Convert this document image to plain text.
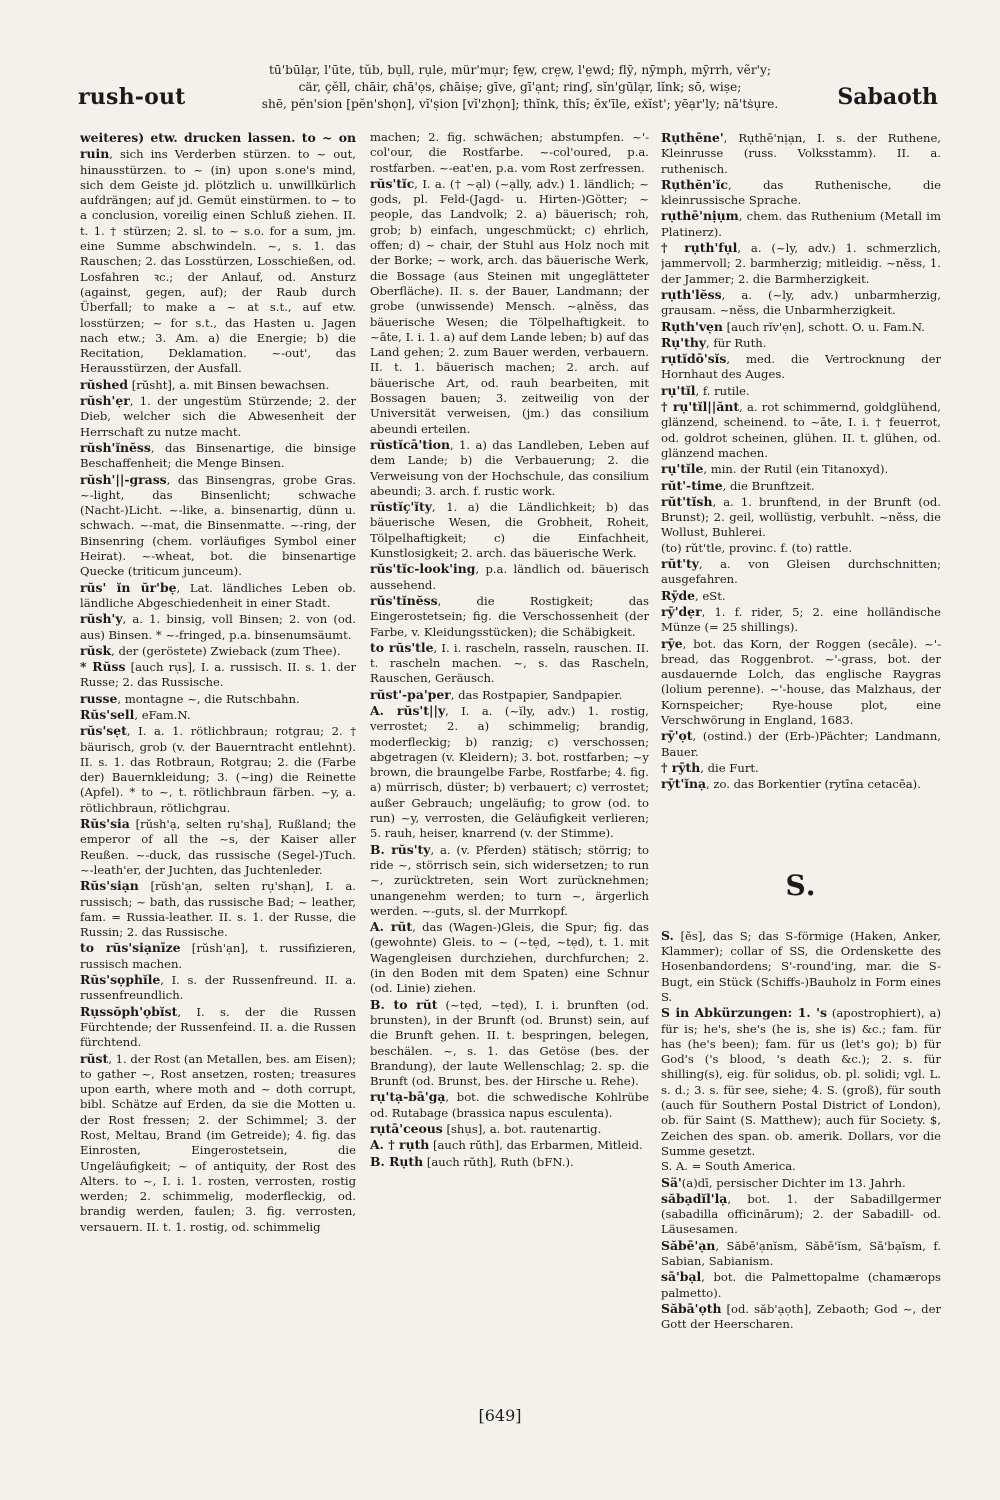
rush-out
tū'būlạr, l'ūte, tŭb, bụll, rụle, mür'mụr; fe̤w, cre̤w, l'e̤wd; flȳ, nȳmph, mȳrrh, vẽr'y;
cär, çĕll, chāir, ɕhā'ọs, ɕhāiṣe; gīve, gī'ạnt; rinɠ, sĭn'gūlạr, lĭnk; sō, wiṣe;
shē, pĕn'sion [pĕn'shọn], vĭ'ṣion [vĭ'zhọn]; thĭnk, thĭs; ĕx'īle, eẋĭst'; yēạr'ly; nā'tṡụre.	Sabaoth

weiteres) etw. drucken lassen. to ~ on ruin, sich ins Verderben stürzen. to ~ out, hinausstürzen. to ~ (in) upon s.one's mind, sich dem Geiste jd. plötzlich u. unwillkürlich aufdrängen; auf jd. Gemüt einstürmen. to ~ to a conclusion, voreilig einen Schluß ziehen. II. t. 1. † stürzen; 2. sl. to ~ s.o. for a sum, jm. eine Summe abschwindeln. ~, s. 1. das Rauschen; 2. das Losstürzen, Losschießen, od. Losfahren ꝛc.; der Anlauf, od. Ansturz (against, gegen, auf); der Raub durch Überfall; to make a ~ at s.t., auf etw. losstürzen; ~ for s.t., das Hasten u. Jagen nach etw.; 3. Am. a) die Energie; b) die Recitation, Deklamation. ~-out', das Herausstürzen, der Ausfall.

rŭshed [rŭsht], a. mit Binsen bewachsen.

rŭsh'ẹr, 1. der ungestüm Stürzende; 2. der Dieb, welcher sich die Abwesenheit der Herrschaft zu nutze macht.

rŭsh'ĭnĕss, das Binsenartige, die binsige Beschaffenheit; die Menge Binsen.

rŭsh'||-grass, das Binsengras, grobe Gras. ~-light, das Binsenlicht; schwache (Nacht-)Licht. ~-like, a. binsenartig, dünn u. schwach. ~-mat, die Binsenmatte. ~-ring, der Binsenring (chem. vorläufiges Symbol einer Heirat). ~-wheat, bot. die binsenartige Quecke (triticum junceum).

rŭs' ĭn ŭr'bẹ, Lat. ländliches Leben ob. ländliche Abgeschiedenheit in einer Stadt.

rŭsh'y, a. 1. binsig, voll Binsen; 2. von (od. aus) Binsen. * ~-fringed, p.a. binsenumsäumt.

rŭsk, der (geröstete) Zwieback (zum Thee).

* Rŭss [auch rụs], I. a. russisch. II. s. 1. der Russe; 2. das Russische.

russe, montagne ~, die Rutschbahn.

Rŭs'sell, eFam.N.

rŭs'sẹt, I. a. 1. rötlichbraun; rotgrau; 2. † bäurisch, grob (v. der Bauerntracht entlehnt). II. s. 1. das Rotbraun, Rotgrau; 2. die (Farbe der) Bauernkleidung; 3. (~ing) die Reinette (Apfel). * to ~, t. rötlichbraun färben. ~y, a. rötlichbraun, rötlichgrau.

Rŭs'sia [rŭsh'ạ, selten rụ'shạ], Rußland; the emperor of all the ~s, der Kaiser aller Reußen. ~-duck, das russische (Segel-)Tuch. ~-leath'er, der Juchten, das Juchtenleder.

Rŭs'siạn [rŭsh'ạn, selten rụ'shạn], I. a. russisch; ~ bath, das russische Bad; ~ leather, fam. = Russia-leather. II. s. 1. der Russe, die Russin; 2. das Russische.

to rŭs'siạnīze [rŭsh'ạn], t. russifizieren, russisch machen.

Rŭs'sọphĭle, I. s. der Russenfreund. II. a. russenfreundlich.

Rụssŏph'ọbĭst, I. s. der die Russen Fürchtende; der Russenfeind. II. a. die Russen fürchtend.

rŭst, 1. der Rost (an Metallen, bes. am Eisen); to gather ~, Rost ansetzen, rosten; treasures upon earth, where moth and ~ doth corrupt, bibl. Schätze auf Erden, da sie die Motten u. der Rost fressen; 2. der Schimmel; 3. der Rost, Meltau, Brand (im Getreide); 4. fig. das Einrosten, Eingerostetsein, die Ungeläufigkeit; ~ of antiquity, der Rost des Alters. to ~, I. i. 1. rosten, verrosten, rostig werden; 2. schimmelig, moderfleckig, od. brandig werden, faulen; 3. fig. verrosten, versauern. II. t. 1. rostig, od. schimmelig

machen; 2. fig. schwächen; abstumpfen. ~'-col'our, die Rostfarbe. ~-col'oured, p.a. rostfarben. ~-eat'en, p.a. vom Rost zerfressen.

rŭs'tĭc, I. a. († ~ạl) (~ạlly, adv.) 1. ländlich; ~ gods, pl. Feld-(Jagd- u. Hirten-)Götter; ~ people, das Landvolk; 2. a) bäuerisch; roh, grob; b) einfach, ungeschmückt; c) ehrlich, offen; d) ~ chair, der Stuhl aus Holz noch mit der Borke; ~ work, arch. das bäuerische Werk, die Bossage (aus Steinen mit ungeglätteter Oberfläche). II. s. der Bauer, Landmann; der grobe (unwissende) Mensch. ~ạlnĕss, das bäuerische Wesen; die Tölpelhaftigkeit. to ~āte, I. i. 1. a) auf dem Lande leben; b) auf das Land gehen; 2. zum Bauer werden, verbauern. II. t. 1. bäuerisch machen; 2. arch. auf bäuerische Art, od. rauh bearbeiten, mit Bossagen bauen; 3. zeitweilig von der Universität verweisen, (jm.) das consilium abeundi erteilen.

rŭstĭcā'tion, 1. a) das Landleben, Leben auf dem Lande; b) die Verbauerung; 2. die Verweisung von der Hochschule, das consilium abeundi; 3. arch. f. rustic work.

rŭstĭç'ĭty, 1. a) die Ländlichkeit; b) das bäuerische Wesen, die Grobheit, Roheit, Tölpelhaftigkeit; c) die Einfachheit, Kunstlosigkeit; 2. arch. das bäuerische Werk.

rŭs'tĭc-look'ing, p.a. ländlich od. bäuerisch aussehend.

rŭs'tĭnĕss, die Rostigkeit; das Eingerostetsein; fig. die Verschossenheit (der Farbe, v. Kleidungsstücken); die Schäbigkeit.

to rŭs'tle, I. i. rascheln, rasseln, rauschen. II. t. rascheln machen. ~, s. das Rascheln, Rauschen, Geräusch.

rŭst'-pa'per, das Rostpapier, Sandpapier.

A. rŭs't||y, I. a. (~ĭly, adv.) 1. rostig, verrostet; 2. a) schimmelig; brandig, moderfleckig; b) ranzig; c) verschossen; abgetragen (v. Kleidern); 3. bot. rostfarben; ~y brown, die braungelbe Farbe, Rostfarbe; 4. fig. a) mürrisch, düster; b) verbauert; c) verrostet; außer Gebrauch; ungeläufig; to grow (od. to run) ~y, verrosten, die Geläufigkeit verlieren; 5. rauh, heiser, knarrend (v. der Stimme).

B. rŭs'ty, a. (v. Pferden) stätisch; störrig; to ride ~, störrisch sein, sich widersetzen; to run ~, zurücktreten, sein Wort zurücknehmen; unangenehm werden; to turn ~, ärgerlich werden. ~-guts, sl. der Murrkopf.

A. rŭt, das (Wagen-)Gleis, die Spur; fig. das (gewohnte) Gleis. to ~ (~tẹd, ~tẹd), t. 1. mit Wagengleisen durchziehen, durchfurchen; 2. (in den Boden mit dem Spaten) eine Schnur (od. Linie) ziehen.

B. to rŭt (~tẹd, ~tẹd), I. i. brunften (od. brunsten), in der Brunft (od. Brunst) sein, auf die Brunft gehen. II. t. bespringen, belegen, beschälen. ~, s. 1. das Getöse (bes. der Brandung), der laute Wellenschlag; 2. sp. die Brunft (od. Brunst, bes. der Hirsche u. Rehe).

rụ'tạ-bā'gạ, bot. die schwedische Kohlrübe od. Rutabage (brassica napus esculenta).

rụtā'ceous [shụs], a. bot. rautenartig.

A. † rụth [auch rŭth], das Erbarmen, Mitleid.

B. Rụth [auch rŭth], Ruth (bFN.).

Rụthēne', Rụthē'nịạn, I. s. der Ruthene, Kleinrusse (russ. Volksstamm). II. a. ruthenisch.

Rụthĕn'ĭc, das Ruthenische, die kleinrussische Sprache.

rụthē'nịụm, chem. das Ruthenium (Metall im Platinerz).

† rụth'fụl, a. (~ly, adv.) 1. schmerzlich, jammervoll; 2. barmherzig; mitleidig. ~nĕss, 1. der Jammer; 2. die Barmherzigkeit.

rụth'lĕss, a. (~ly, adv.) unbarmherzig, grausam. ~nĕss, die Unbarmherzigkeit.

Rụth'vẹn [auch rĭv'ẹn], schott. O. u. Fam.N.

Rụ'thy, für Ruth.

rụtĭdō'sĭs, med. die Vertrocknung der Hornhaut des Auges.

rụ'tĭl, f. rutile.

† rụ'tĭl||ănt, a. rot schimmernd, goldglühend, glänzend, scheinend. to ~āte, I. i. † feuerrot, od. goldrot scheinen, glühen. II. t. glühen, od. glänzend machen.

rụ'tĭle, min. der Rutil (ein Titanoxyd).

rŭt'-time, die Brunftzeit.

rŭt'tĭsh, a. 1. brunftend, in der Brunft (od. Brunst); 2. geil, wollüstig, verbuhlt. ~nĕss, die Wollust, Buhlerei.

(to) rŭt'tle, provinc. f. (to) rattle.

rŭt'ty, a. von Gleisen durchschnitten; ausgefahren.

Rȳde, eSt.

rȳ'dẹr, 1. f. rider, 5; 2. eine holländische Münze (= 25 shillings).

rȳe, bot. das Korn, der Roggen (secāle). ~'-bread, das Roggenbrot. ~'-grass, bot. der ausdauernde Lolch, das englische Raygras (lolium perenne). ~'-house, das Malzhaus, der Kornspeicher; Rye-house plot, eine Verschwörung in England, 1683.

rȳ'ọt, (ostind.) der (Erb-)Pächter; Landmann, Bauer.

† rȳth, die Furt.

rȳt'ĭnạ, zo. das Borkentier (rytīna cetacēa).

S.

S. [ĕs], das S; das S-förmige (Haken, Anker, Klammer); collar of SS, die Ordenskette des Hosenbandordens; S'-round'ing, mar. die S-Bugt, ein Stück (Schiffs-)Bauholz in Form eines S.

S in Abkürzungen: 1. 's (apostrophiert), a) für is; he's, she's (he is, she is) &c.; fam. für has (he's been); fam. für us (let's go); b) für God's ('s blood, 's death &c.); 2. s. für shilling(s), eig. für solidus, ob. pl. solidi; vgl. L. s. d.; 3. s. für see, siehe; 4. S. (groß), für south (auch für Southern Postal District of London), ob. für Saint (S. Matthew); auch für Society. $, Zeichen des span. ob. amerik. Dollars, vor die Summe gesetzt.

S. A. = South America.

Sä'(a)dī, persischer Dichter im 13. Jahrh.

săbạdĭl'lạ, bot. 1. der Sabadillgermer (sabadilla officinārum); 2. der Sabadill- od. Läusesamen.

Săbē'ạn, Săbē'ạnĭsm, Săbē'ĭsm, Sā'bạĭsm, f. Sabian, Sabianism.

sā'bạl, bot. die Palmettopalme (chamærops palmetto).

Săbā'ọth [od. săb'ạọth], Zebaoth; God ~, der Gott der Heerscharen.

[649]
